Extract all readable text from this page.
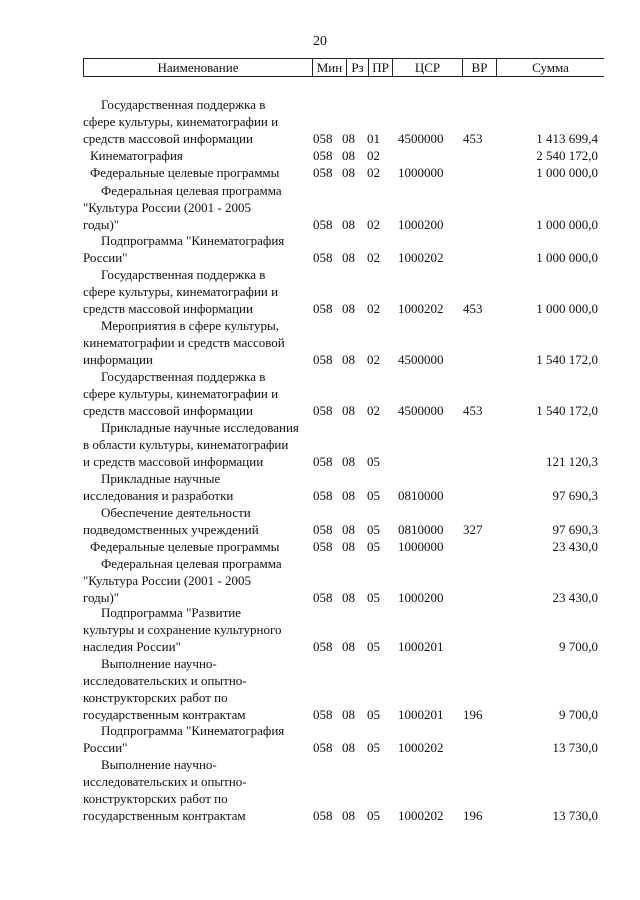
20
Наименование	Мин Рз ПР	ЦСР	ВР	Сумма
Государственная поддержка в
сфере культуры, кинематографии и
средств массовой информации	058 08 01 4500000 453	1 413 699,4
Кинематография	058 08 02	2 540 172,0
Федеральные целевые программы	058 08 02 1000000	1 000 000,0
Федеральная целевая программа
"Культура России (2001 - 2005
годы)"	058 08 02 1000200	1 000 000,0
Подпрограмма "Кинематография
России"	058 08 02 1000202	1 000 000,0
Государственная поддержка в
сфере культуры, кинематографии и
средств массовой информации	058 08 02 1000202 453	1 000 000,0
Мероприятия в сфере культуры,
кинематографии и средств массовой
информации	058 08 02 4500000	1 540 172,0
Государственная поддержка в
сфере культуры, кинематографии и
средств массовой информации	058 08 02 4500000 453	1 540 172,0
Прикладные научные исследования
в области культуры, кинематографии
и средств массовой информации	058 08 05	121 120,3
Прикладные научные
исследования и разработки	058 08 05 0810000	97 690,3
Обеспечение деятельности
подведомственных учреждений	058 08 05 0810000 327	97 690,3
Федеральные целевые программы	058 08 05 1000000	23 430,0
Федеральная целевая программа
"Культура России (2001 - 2005
годы)"	058 08 05 1000200	23 430,0
Подпрограмма "Развитие
культуры и сохранение культурного
наследия России"	058 08 05 1000201	9 700,0
Выполнение научно-
исследовательских и опытно-
конструкторских работ по
государственным контрактам	058 08 05 1000201 196	9 700,0
Подпрограмма "Кинематография
России"	058 08 05 1000202	13 730,0
Выполнение научно-
исследовательских и опытно-
конструкторских работ по
государственным контрактам	058 08 05 1000202 196	13 730,0
